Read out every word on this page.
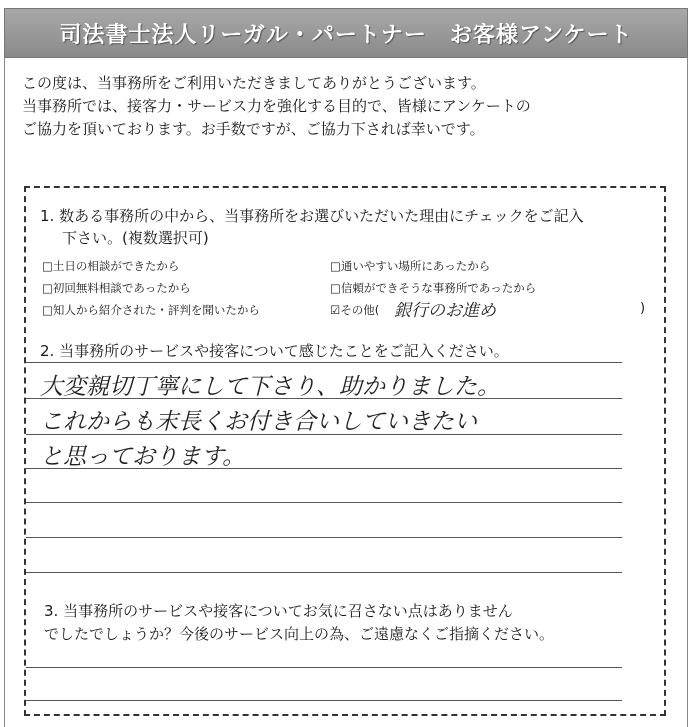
司法書士法人リーガル・パートナー　お客様アンケート
この度は、当事務所をご利用いただきましてありがとうございます。
当事務所では、接客力・サービス力を強化する目的で、皆様にアンケートの
ご協力を頂いております。お手数ですが、ご協力下されば幸いです。
1. 数ある事務所の中から、当事務所をお選びいただいた理由にチェックをご記入
下さい。(複数選択可)
□土日の相談ができたから	□通いやすい場所にあったから
□初回無料相談であったから	□信頼ができそうな事務所であったから
□知人から紹介された・評判を聞いたから	☑その他( 銀行のお進め	)
2. 当事務所のサービスや接客について感じたことをご記入ください。
大変親切丁寧にして下さり、助かりました。
これからも末長くお付き合いしていきたい
と思っております。
3. 当事務所のサービスや接客についてお気に召さない点はありません
でしたでしょうか？今後のサービス向上の為、ご遠慮なくご指摘ください。
